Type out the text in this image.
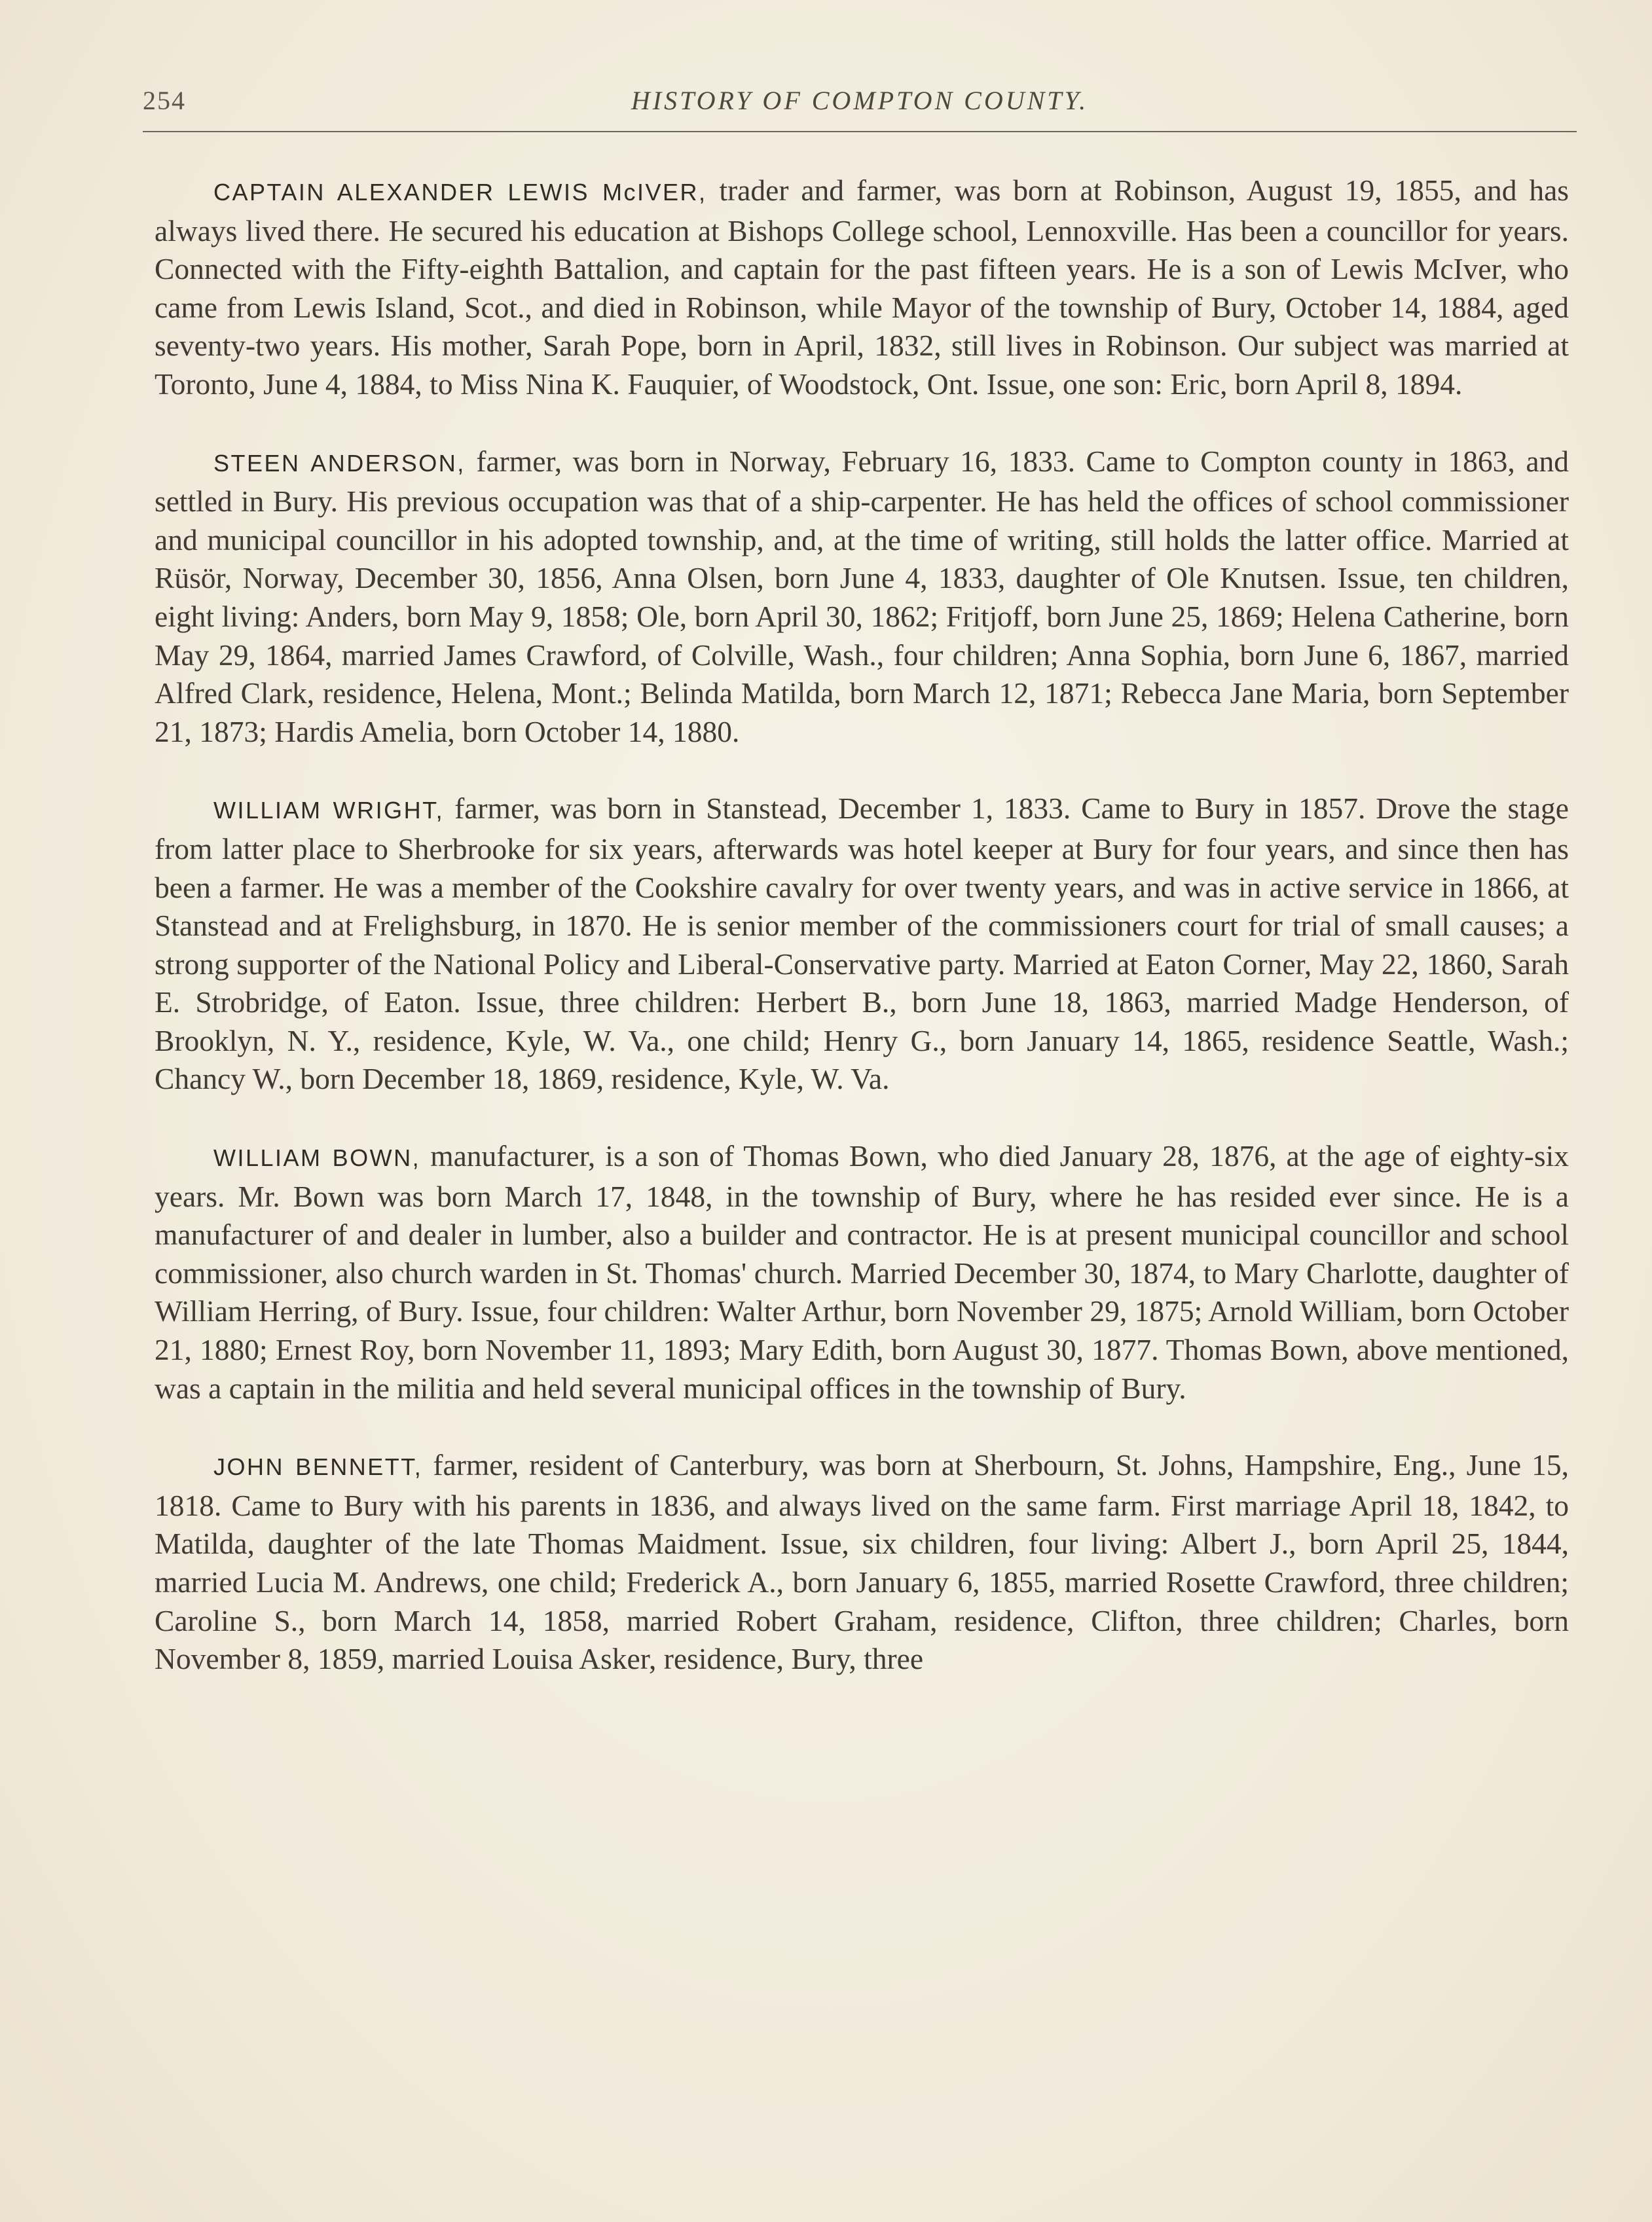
254	HISTORY OF COMPTON COUNTY.

CAPTAIN ALEXANDER LEWIS McIVER, trader and farmer, was born at Robinson, August 19, 1855, and has always lived there. He secured his education at Bishops College school, Lennoxville. Has been a councillor for years. Connected with the Fifty-eighth Battalion, and captain for the past fifteen years. He is a son of Lewis McIver, who came from Lewis Island, Scot., and died in Robinson, while Mayor of the township of Bury, October 14, 1884, aged seventy-two years. His mother, Sarah Pope, born in April, 1832, still lives in Robinson. Our subject was married at Toronto, June 4, 1884, to Miss Nina K. Fauquier, of Woodstock, Ont. Issue, one son: Eric, born April 8, 1894.

STEEN ANDERSON, farmer, was born in Norway, February 16, 1833. Came to Compton county in 1863, and settled in Bury. His previous occupation was that of a ship-carpenter. He has held the offices of school commissioner and municipal councillor in his adopted township, and, at the time of writing, still holds the latter office. Married at Rüsör, Norway, December 30, 1856, Anna Olsen, born June 4, 1833, daughter of Ole Knutsen. Issue, ten children, eight living: Anders, born May 9, 1858; Ole, born April 30, 1862; Fritjoff, born June 25, 1869; Helena Catherine, born May 29, 1864, married James Crawford, of Colville, Wash., four children; Anna Sophia, born June 6, 1867, married Alfred Clark, residence, Helena, Mont.; Belinda Matilda, born March 12, 1871; Rebecca Jane Maria, born September 21, 1873; Hardis Amelia, born October 14, 1880.

WILLIAM WRIGHT, farmer, was born in Stanstead, December 1, 1833. Came to Bury in 1857. Drove the stage from latter place to Sherbrooke for six years, afterwards was hotel keeper at Bury for four years, and since then has been a farmer. He was a member of the Cookshire cavalry for over twenty years, and was in active service in 1866, at Stanstead and at Frelighsburg, in 1870. He is senior member of the commissioners court for trial of small causes; a strong supporter of the National Policy and Liberal-Conservative party. Married at Eaton Corner, May 22, 1860, Sarah E. Strobridge, of Eaton. Issue, three children: Herbert B., born June 18, 1863, married Madge Henderson, of Brooklyn, N. Y., residence, Kyle, W. Va., one child; Henry G., born January 14, 1865, residence Seattle, Wash.; Chancy W., born December 18, 1869, residence, Kyle, W. Va.

WILLIAM BOWN, manufacturer, is a son of Thomas Bown, who died January 28, 1876, at the age of eighty-six years. Mr. Bown was born March 17, 1848, in the township of Bury, where he has resided ever since. He is a manufacturer of and dealer in lumber, also a builder and contractor. He is at present municipal councillor and school commissioner, also church warden in St. Thomas' church. Married December 30, 1874, to Mary Charlotte, daughter of William Herring, of Bury. Issue, four children: Walter Arthur, born November 29, 1875; Arnold William, born October 21, 1880; Ernest Roy, born November 11, 1893; Mary Edith, born August 30, 1877. Thomas Bown, above mentioned, was a captain in the militia and held several municipal offices in the township of Bury.

JOHN BENNETT, farmer, resident of Canterbury, was born at Sherbourn, St. Johns, Hampshire, Eng., June 15, 1818. Came to Bury with his parents in 1836, and always lived on the same farm. First marriage April 18, 1842, to Matilda, daughter of the late Thomas Maidment. Issue, six children, four living: Albert J., born April 25, 1844, married Lucia M. Andrews, one child; Frederick A., born January 6, 1855, married Rosette Crawford, three children; Caroline S., born March 14, 1858, married Robert Graham, residence, Clifton, three children; Charles, born November 8, 1859, married Louisa Asker, residence, Bury, three
